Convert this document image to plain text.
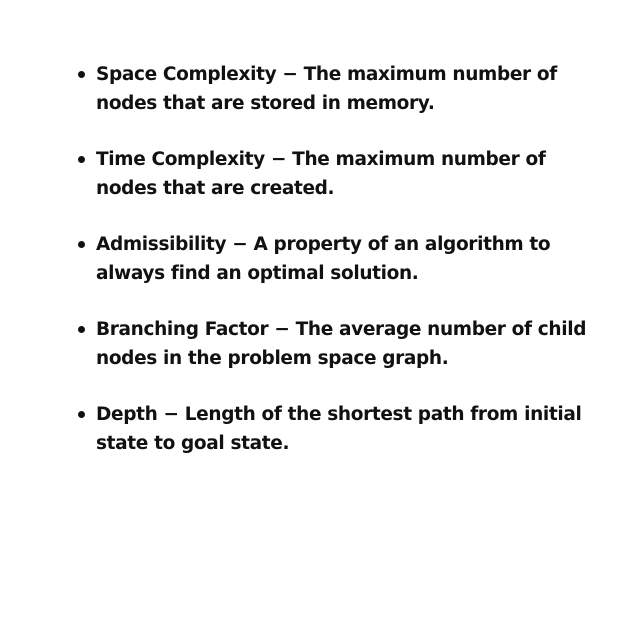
Space Complexity − The maximum number of nodes that are stored in memory.
Time Complexity − The maximum number of nodes that are created.
Admissibility − A property of an algorithm to always find an optimal solution.
Branching Factor − The average number of child nodes in the problem space graph.
Depth − Length of the shortest path from initial state to goal state.
